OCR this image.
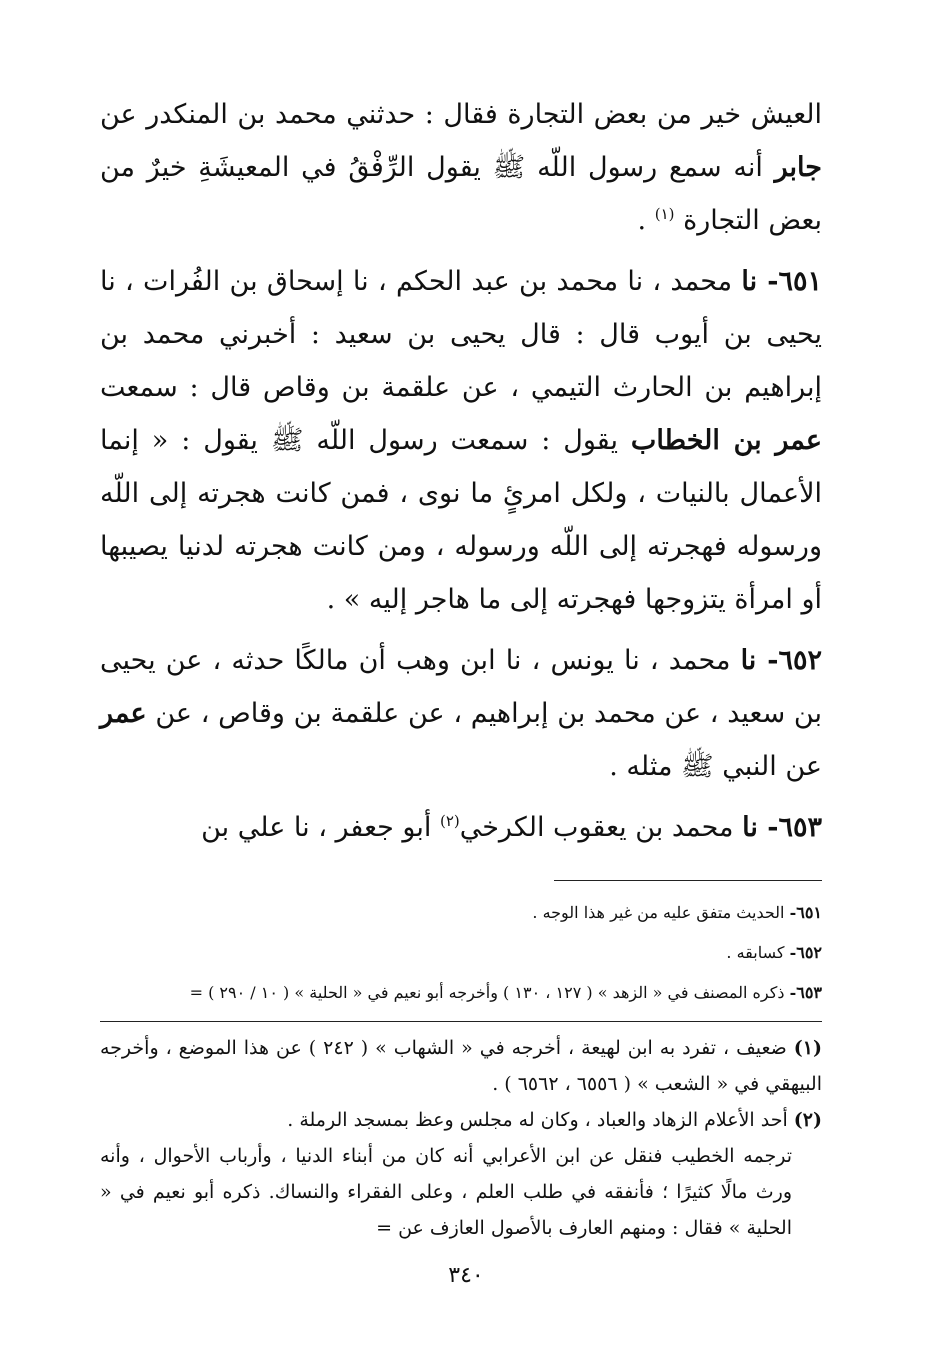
العيش خير من بعض التجارة فقال : حدثني محمد بن المنكدر عن جابر أنه سمع رسول اللّه ﷺ يقول الرِّفْقُ في المعيشَةِ خيرٌ من بعض التجارة $^{(١)}$ .

٦٥١- نا محمد ، نا محمد بن عبد الحكم ، نا إسحاق بن الفُرات ، نا يحيى بن أيوب قال : قال يحيى بن سعيد : أخبرني محمد بن إبراهيم بن الحارث التيمي ، عن علقمة بن وقاص قال : سمعت عمر بن الخطاب يقول : سمعت رسول اللّه ﷺ يقول : « إنما الأعمال بالنيات ، ولكل امرئٍ ما نوى ، فمن كانت هجرته إلى اللّه ورسوله فهجرته إلى اللّه ورسوله ، ومن كانت هجرته لدنيا يصيبها أو امرأة يتزوجها فهجرته إلى ما هاجر إليه » .

٦٥٢- نا محمد ، نا يونس ، نا ابن وهب أن مالكًا حدثه ، عن يحيى بن سعيد ، عن محمد بن إبراهيم ، عن علقمة بن وقاص ، عن عمر عن النبي ﷺ مثله .

٦٥٣- نا محمد بن يعقوب الكرخي$^{(٢)}$ أبو جعفر ، نا علي بن

٦٥١- الحديث متفق عليه من غير هذا الوجه .

٦٥٢- كسابقه .

٦٥٣- ذكره المصنف في « الزهد » ( ١٢٧ ، ١٣٠ ) وأخرجه أبو نعيم في « الحلية » ( ١٠ / ٢٩٠ ) =

(١) ضعيف ، تفرد به ابن لهيعة ، أخرجه في « الشهاب » ( ٢٤٢ ) عن هذا الموضع ، وأخرجه البيهقي في « الشعب » ( ٦٥٥٦ ، ٦٥٦٢ ) .

(٢) أحد الأعلام الزهاد والعباد ، وكان له مجلس وعظ بمسجد الرملة .

ترجمه الخطيب فنقل عن ابن الأعرابي أنه كان من أبناء الدنيا ، وأرباب الأحوال ، وأنه ورث مالًا كثيرًا ؛ فأنفقه في طلب العلم ، وعلى الفقراء والنساك. ذكره أبو نعيم في « الحلية » فقال : ومنهم العارف بالأصول العازف عن =

٣٤٠
